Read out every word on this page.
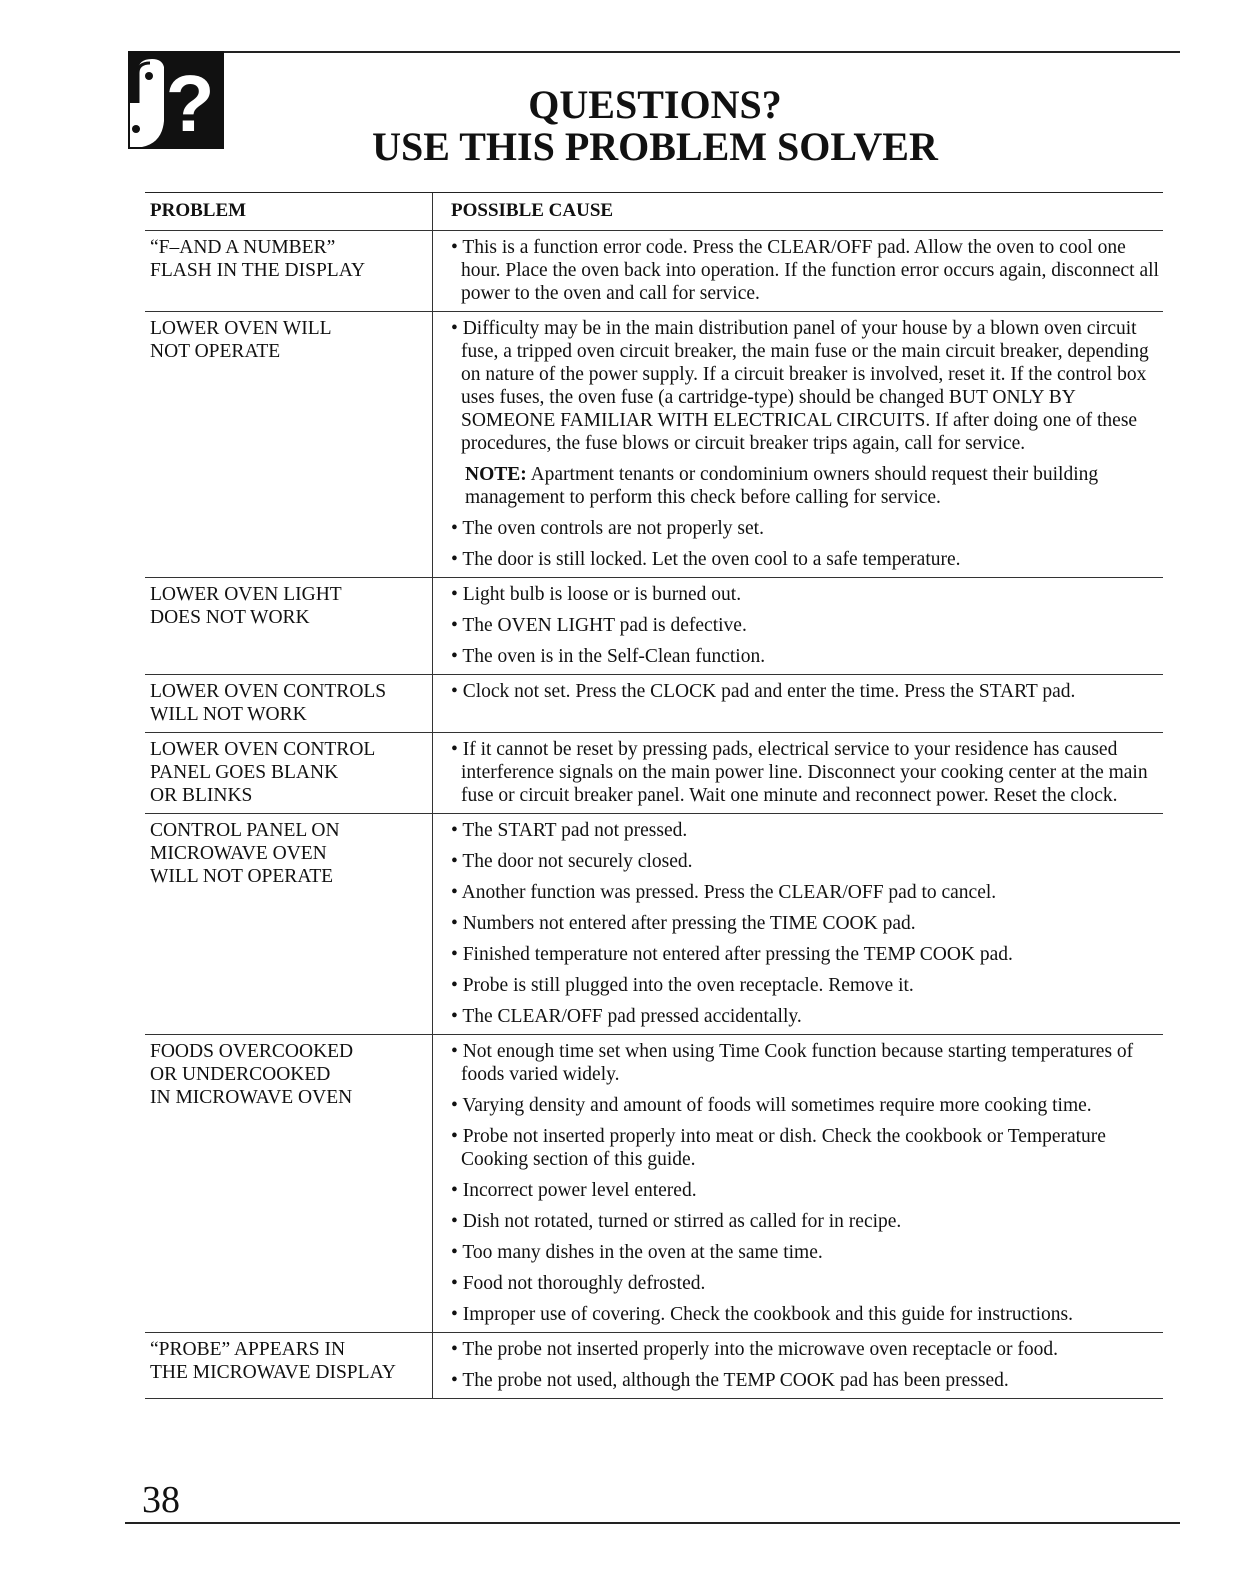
?	QUESTIONS?
USE THIS PROBLEM SOLVER
PROBLEM	POSSIBLE CAUSE
“F–AND A NUMBER”
FLASH IN THE DISPLAY
• This is a function error code. Press the CLEAR/OFF pad. Allow the oven to cool one hour. Place the oven back into operation. If the function error occurs again, disconnect all power to the oven and call for service.
LOWER OVEN WILL
NOT OPERATE
• Difficulty may be in the main distribution panel of your house by a blown oven circuit fuse, a tripped oven circuit breaker, the main fuse or the main circuit breaker, depending on nature of the power supply. If a circuit breaker is involved, reset it. If the control box uses fuses, the oven fuse (a cartridge-type) should be changed BUT ONLY BY SOMEONE FAMILIAR WITH ELECTRICAL CIRCUITS. If after doing one of these procedures, the fuse blows or circuit breaker trips again, call for service.
NOTE: Apartment tenants or condominium owners should request their building management to perform this check before calling for service.
• The oven controls are not properly set.
• The door is still locked. Let the oven cool to a safe temperature.
LOWER OVEN LIGHT
DOES NOT WORK
• Light bulb is loose or is burned out.
• The OVEN LIGHT pad is defective.
• The oven is in the Self-Clean function.
LOWER OVEN CONTROLS
WILL NOT WORK
• Clock not set. Press the CLOCK pad and enter the time. Press the START pad.
LOWER OVEN CONTROL
PANEL GOES BLANK
OR BLINKS
• If it cannot be reset by pressing pads, electrical service to your residence has caused interference signals on the main power line. Disconnect your cooking center at the main fuse or circuit breaker panel. Wait one minute and reconnect power. Reset the clock.
CONTROL PANEL ON
MICROWAVE OVEN
WILL NOT OPERATE
• The START pad not pressed.
• The door not securely closed.
• Another function was pressed. Press the CLEAR/OFF pad to cancel.
• Numbers not entered after pressing the TIME COOK pad.
• Finished temperature not entered after pressing the TEMP COOK pad.
• Probe is still plugged into the oven receptacle. Remove it.
• The CLEAR/OFF pad pressed accidentally.
FOODS OVERCOOKED
OR UNDERCOOKED
IN MICROWAVE OVEN
• Not enough time set when using Time Cook function because starting temperatures of foods varied widely.
• Varying density and amount of foods will sometimes require more cooking time.
• Probe not inserted properly into meat or dish. Check the cookbook or Temperature Cooking section of this guide.
• Incorrect power level entered.
• Dish not rotated, turned or stirred as called for in recipe.
• Too many dishes in the oven at the same time.
• Food not thoroughly defrosted.
• Improper use of covering. Check the cookbook and this guide for instructions.
“PROBE” APPEARS IN
THE MICROWAVE DISPLAY
• The probe not inserted properly into the microwave oven receptacle or food.
• The probe not used, although the TEMP COOK pad has been pressed.
38
